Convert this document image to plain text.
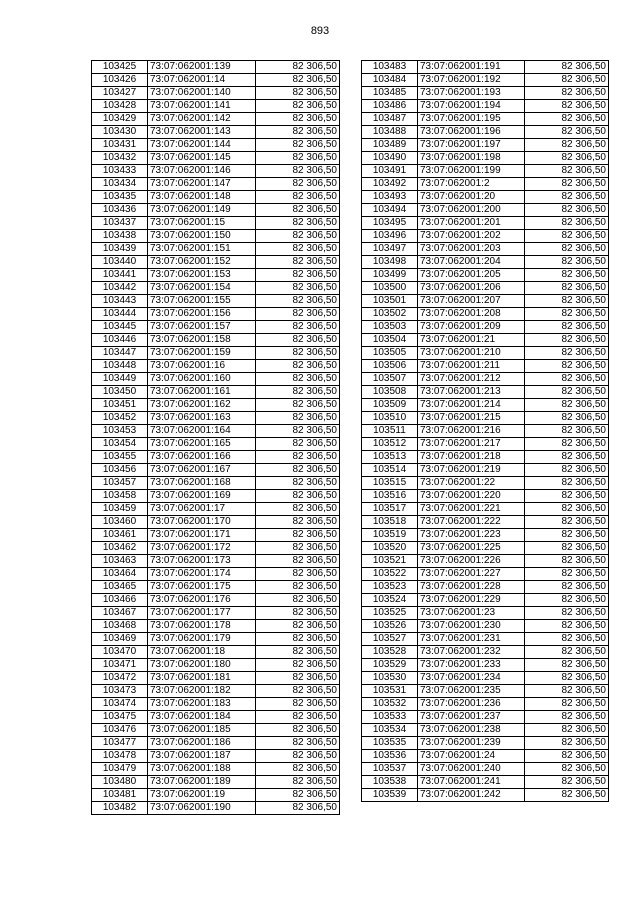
893
103425	73:07:062001:139	82 306,50
103426	73:07:062001:14	82 306,50
103427	73:07:062001:140	82 306,50
103428	73:07:062001:141	82 306,50
103429	73:07:062001:142	82 306,50
103430	73:07:062001:143	82 306,50
103431	73:07:062001:144	82 306,50
103432	73:07:062001:145	82 306,50
103433	73:07:062001:146	82 306,50
103434	73:07:062001:147	82 306,50
103435	73:07:062001:148	82 306,50
103436	73:07:062001:149	82 306,50
103437	73:07:062001:15	82 306,50
103438	73:07:062001:150	82 306,50
103439	73:07:062001:151	82 306,50
103440	73:07:062001:152	82 306,50
103441	73:07:062001:153	82 306,50
103442	73:07:062001:154	82 306,50
103443	73:07:062001:155	82 306,50
103444	73:07:062001:156	82 306,50
103445	73:07:062001:157	82 306,50
103446	73:07:062001:158	82 306,50
103447	73:07:062001:159	82 306,50
103448	73:07:062001:16	82 306,50
103449	73:07:062001:160	82 306,50
103450	73:07:062001:161	82 306,50
103451	73:07:062001:162	82 306,50
103452	73:07:062001:163	82 306,50
103453	73:07:062001:164	82 306,50
103454	73:07:062001:165	82 306,50
103455	73:07:062001:166	82 306,50
103456	73:07:062001:167	82 306,50
103457	73:07:062001:168	82 306,50
103458	73:07:062001:169	82 306,50
103459	73:07:062001:17	82 306,50
103460	73:07:062001:170	82 306,50
103461	73:07:062001:171	82 306,50
103462	73:07:062001:172	82 306,50
103463	73:07:062001:173	82 306,50
103464	73:07:062001:174	82 306,50
103465	73:07:062001:175	82 306,50
103466	73:07:062001:176	82 306,50
103467	73:07:062001:177	82 306,50
103468	73:07:062001:178	82 306,50
103469	73:07:062001:179	82 306,50
103470	73:07:062001:18	82 306,50
103471	73:07:062001:180	82 306,50
103472	73:07:062001:181	82 306,50
103473	73:07:062001:182	82 306,50
103474	73:07:062001:183	82 306,50
103475	73:07:062001:184	82 306,50
103476	73:07:062001:185	82 306,50
103477	73:07:062001:186	82 306,50
103478	73:07:062001:187	82 306,50
103479	73:07:062001:188	82 306,50
103480	73:07:062001:189	82 306,50
103481	73:07:062001:19	82 306,50
103482	73:07:062001:190	82 306,50
103483	73:07:062001:191	82 306,50
103484	73:07:062001:192	82 306,50
103485	73:07:062001:193	82 306,50
103486	73:07:062001:194	82 306,50
103487	73:07:062001:195	82 306,50
103488	73:07:062001:196	82 306,50
103489	73:07:062001:197	82 306,50
103490	73:07:062001:198	82 306,50
103491	73:07:062001:199	82 306,50
103492	73:07:062001:2	82 306,50
103493	73:07:062001:20	82 306,50
103494	73:07:062001:200	82 306,50
103495	73:07:062001:201	82 306,50
103496	73:07:062001:202	82 306,50
103497	73:07:062001:203	82 306,50
103498	73:07:062001:204	82 306,50
103499	73:07:062001:205	82 306,50
103500	73:07:062001:206	82 306,50
103501	73:07:062001:207	82 306,50
103502	73:07:062001:208	82 306,50
103503	73:07:062001:209	82 306,50
103504	73:07:062001:21	82 306,50
103505	73:07:062001:210	82 306,50
103506	73:07:062001:211	82 306,50
103507	73:07:062001:212	82 306,50
103508	73:07:062001:213	82 306,50
103509	73:07:062001:214	82 306,50
103510	73:07:062001:215	82 306,50
103511	73:07:062001:216	82 306,50
103512	73:07:062001:217	82 306,50
103513	73:07:062001:218	82 306,50
103514	73:07:062001:219	82 306,50
103515	73:07:062001:22	82 306,50
103516	73:07:062001:220	82 306,50
103517	73:07:062001:221	82 306,50
103518	73:07:062001:222	82 306,50
103519	73:07:062001:223	82 306,50
103520	73:07:062001:225	82 306,50
103521	73:07:062001:226	82 306,50
103522	73:07:062001:227	82 306,50
103523	73:07:062001:228	82 306,50
103524	73:07:062001:229	82 306,50
103525	73:07:062001:23	82 306,50
103526	73:07:062001:230	82 306,50
103527	73:07:062001:231	82 306,50
103528	73:07:062001:232	82 306,50
103529	73:07:062001:233	82 306,50
103530	73:07:062001:234	82 306,50
103531	73:07:062001:235	82 306,50
103532	73:07:062001:236	82 306,50
103533	73:07:062001:237	82 306,50
103534	73:07:062001:238	82 306,50
103535	73:07:062001:239	82 306,50
103536	73:07:062001:24	82 306,50
103537	73:07:062001:240	82 306,50
103538	73:07:062001:241	82 306,50
103539	73:07:062001:242	82 306,50
